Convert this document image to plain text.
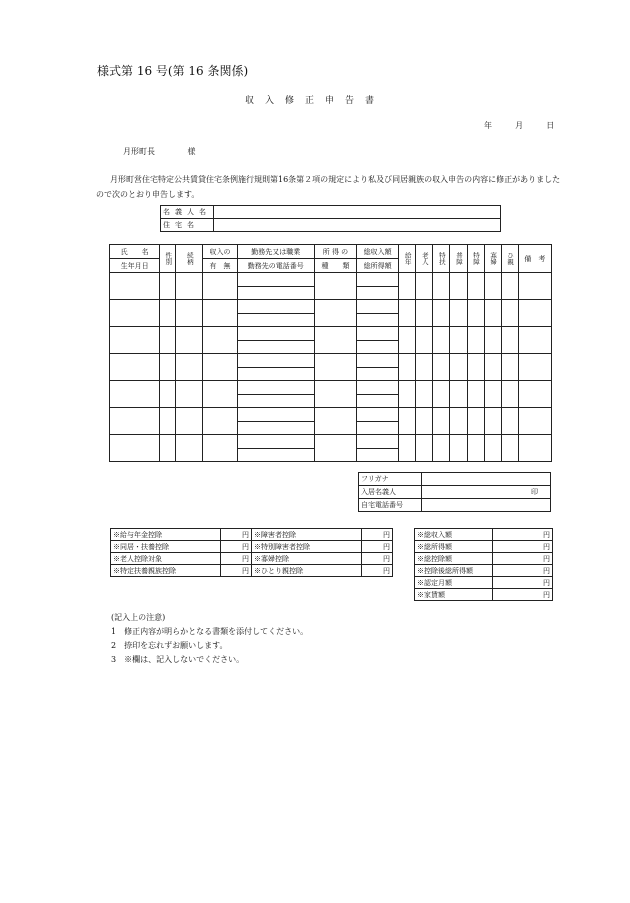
様式第 16 号(第 16 条関係)
収入修正申告書
年	月	日
月形町長	様
月形町営住宅特定公共賃貸住宅条例施行規則第16条第２項の規定により私及び同居親族の収入申告の内容に修正がありましたので次のとおり申告します。
名義人名	
住宅名	
氏　　名	性別	続柄	収入の	勤務先又は職業	所 得 の	総収入額	給年	老人	特扶	普障	特障	寡婦	ひ親	備　考
生年月日			有　無	勤務先の電話番号	種　　類	総所得額								

フリガナ	
入居名義人	印
自宅電話番号	
※給与年金控除	円	※障害者控除	円
※同居・扶養控除	円	※特別障害者控除	円
※老人控除対象	円	※寡婦控除	円
※特定扶養親族控除	円	※ひとり親控除	円
※総収入額	円
※総所得額	円
※総控除額	円
※控除後総所得額	円
※認定月額	円
※家賃額	円
(記入上の注意)
1　修正内容が明らかとなる書類を添付してください。
2　捺印を忘れずお願いします。
3　※欄は、記入しないでください。
